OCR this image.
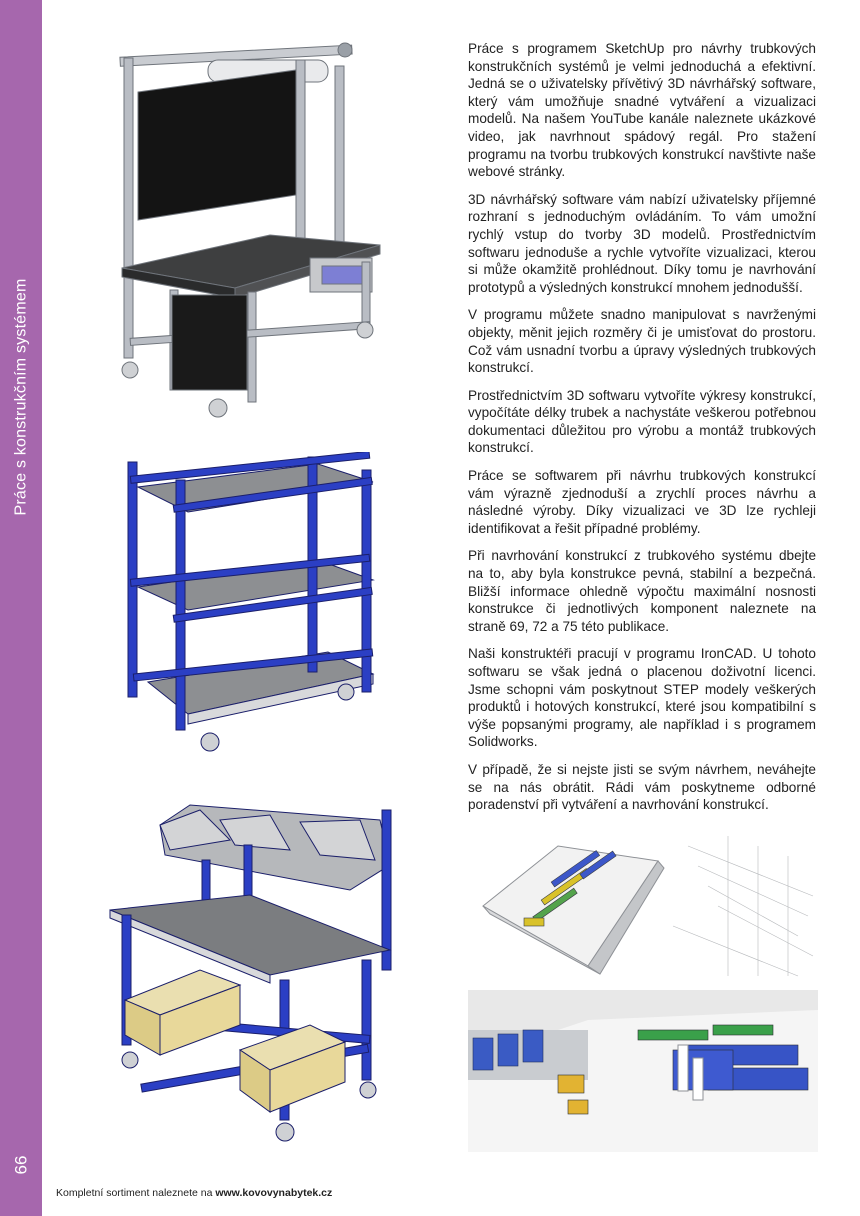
Práce s konstrukčním systémem
66

Práce s programem SketchUp pro návrhy trubkových konstrukčních systémů je velmi jednoduchá a efektivní. Jedná se o uživatelsky přívětivý 3D návrhářský software, který vám umožňuje snadné vytváření a vizualizaci modelů. Na našem YouTube kanále naleznete ukázkové video, jak navrhnout spádový regál. Pro stažení programu na tvorbu trubkových konstrukcí navštivte naše webové stránky.

3D návrhářský software vám nabízí uživatelsky příjemné rozhraní s jednoduchým ovládáním. To vám umožní rychlý vstup do tvorby 3D modelů. Prostřednictvím softwaru jednoduše a rychle vytvoříte vizualizaci, kterou si může okamžitě prohlédnout. Díky tomu je navrhování prototypů a výsledných konstrukcí mnohem jednodušší.

V programu můžete snadno manipulovat s navrženými objekty, měnit jejich rozměry či je umisťovat do prostoru. Což vám usnadní tvorbu a úpravy výsledných trubkových konstrukcí.

Prostřednictvím 3D softwaru vytvoříte výkresy konstrukcí, vypočítáte délky trubek a nachystáte veškerou potřebnou dokumentaci důležitou pro výrobu a montáž trubkových konstrukcí.

Práce se softwarem při návrhu trubkových konstrukcí vám výrazně zjednoduší a zrychlí proces návrhu a následné výroby. Díky vizualizaci ve 3D lze rychleji identifikovat a řešit případné problémy.

Při navrhování konstrukcí z trubkového systému dbejte na to, aby byla konstrukce pevná, stabilní a bezpečná. Bližší informace ohledně výpočtu maximální nosnosti konstrukce či jednotlivých komponent naleznete na straně 69, 72 a 75 této publikace.

Naši konstruktéři pracují v programu IronCAD. U tohoto softwaru se však jedná o placenou doživotní licenci. Jsme schopni vám poskytnout STEP modely veškerých produktů i hotových konstrukcí, které jsou kompatibilní s výše popsanými programy, ale například i s programem Solidworks.

V případě, že si nejste jisti se svým návrhem, neváhejte se na nás obrátit. Rádi vám poskytneme odborné poradenství při vytváření a navrhování konstrukcí.

Kompletní sortiment naleznete na www.kovovynabytek.cz
